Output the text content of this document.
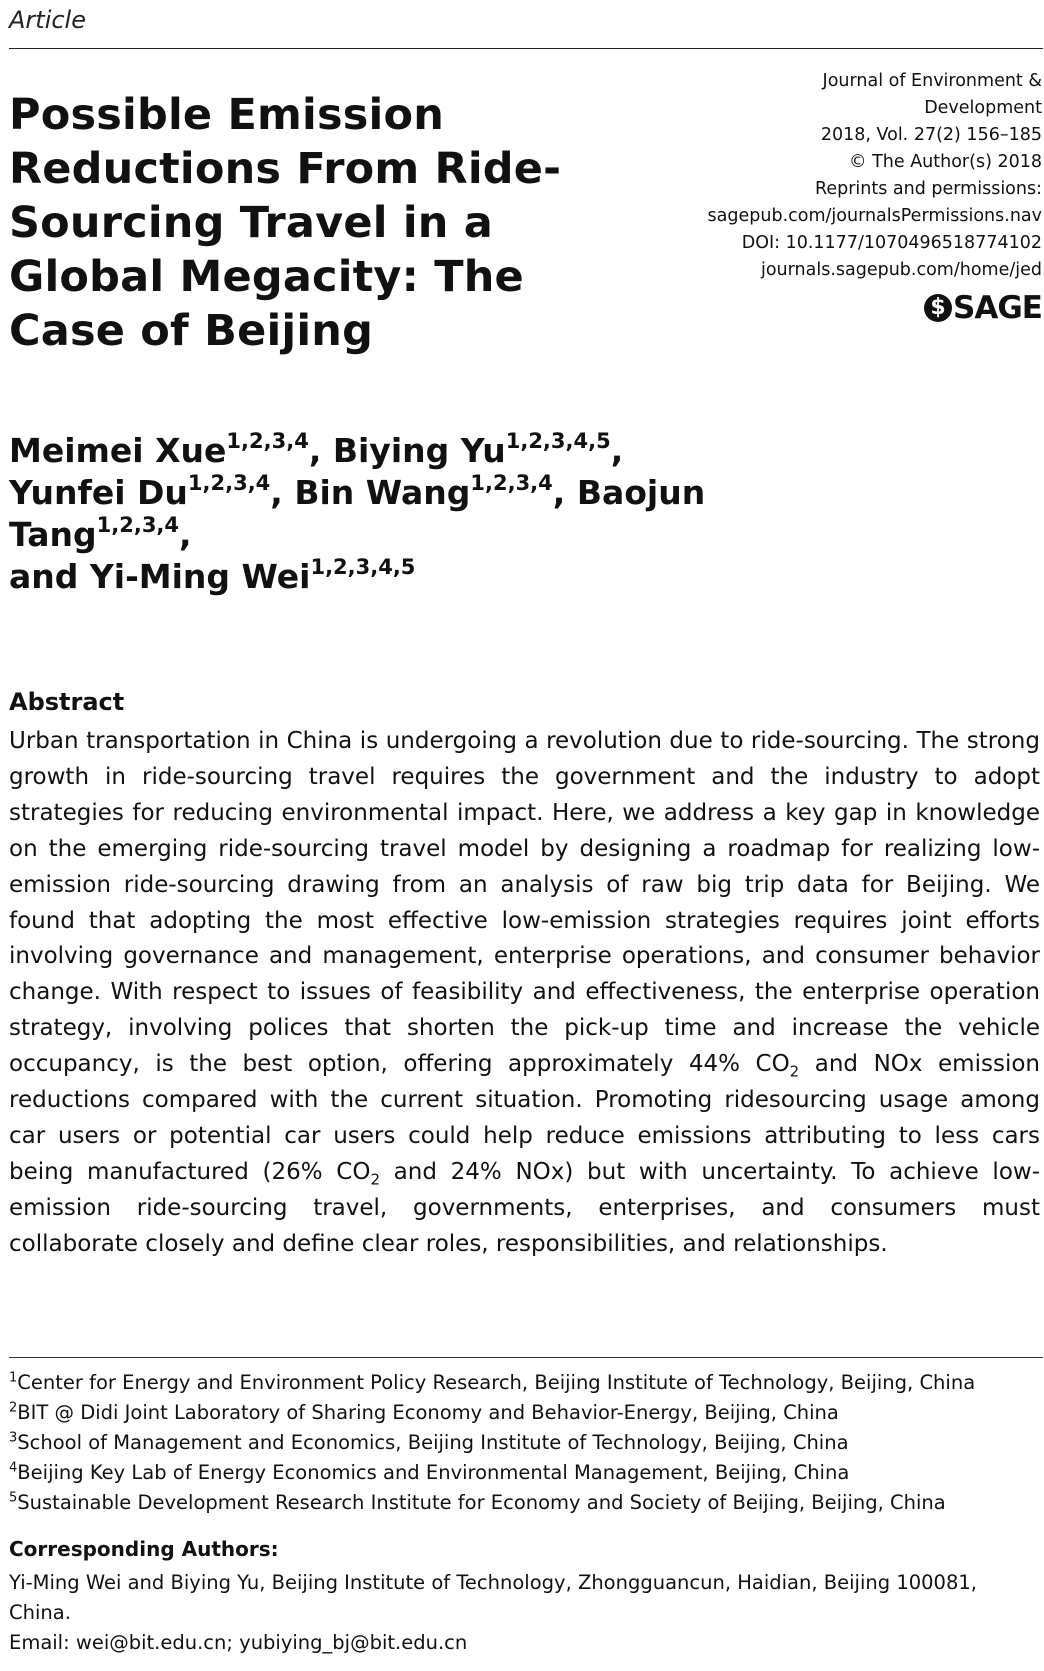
Article
Possible Emission Reductions From Ride-Sourcing Travel in a Global Megacity: The Case of Beijing
Journal of Environment &
Development
2018, Vol. 27(2) 156–185
© The Author(s) 2018
Reprints and permissions:
sagepub.com/journalsPermissions.nav
DOI: 10.1177/1070496518774102
journals.sagepub.com/home/jed
$ SAGE
Meimei Xue$^{1,2,3,4}$, Biying Yu$^{1,2,3,4,5}$,
Yunfei Du$^{1,2,3,4}$, Bin Wang$^{1,2,3,4}$, Baojun Tang$^{1,2,3,4}$,
and Yi-Ming Wei$^{1,2,3,4,5}$
Abstract

Urban transportation in China is undergoing a revolution due to ride-sourcing. The strong growth in ride-sourcing travel requires the government and the industry to adopt strategies for reducing environmental impact. Here, we address a key gap in knowledge on the emerging ride-sourcing travel model by designing a roadmap for realizing low-emission ride-sourcing drawing from an analysis of raw big trip data for Beijing. We found that adopting the most effective low-emission strategies requires joint efforts involving governance and management, enterprise operations, and consumer behavior change. With respect to issues of feasibility and effectiveness, the enterprise operation strategy, involving polices that shorten the pick-up time and increase the vehicle occupancy, is the best option, offering approximately 44% $CO_2$ and NOx emission reductions compared with the current situation. Promoting ridesourcing usage among car users or potential car users could help reduce emissions attributing to less cars being manufactured (26% $CO_2$ and 24% NOx) but with uncertainty. To achieve low-emission ride-sourcing travel, governments, enterprises, and consumers must collaborate closely and define clear roles, responsibilities, and relationships.

$^1$Center for Energy and Environment Policy Research, Beijing Institute of Technology, Beijing, China
$^2$BIT @ Didi Joint Laboratory of Sharing Economy and Behavior-Energy, Beijing, China
$^3$School of Management and Economics, Beijing Institute of Technology, Beijing, China
$^4$Beijing Key Lab of Energy Economics and Environmental Management, Beijing, China
$^5$Sustainable Development Research Institute for Economy and Society of Beijing, Beijing, China
Corresponding Authors:
Yi-Ming Wei and Biying Yu, Beijing Institute of Technology, Zhongguancun, Haidian, Beijing 100081, China.
Email: wei@bit.edu.cn; yubiying_bj@bit.edu.cn
